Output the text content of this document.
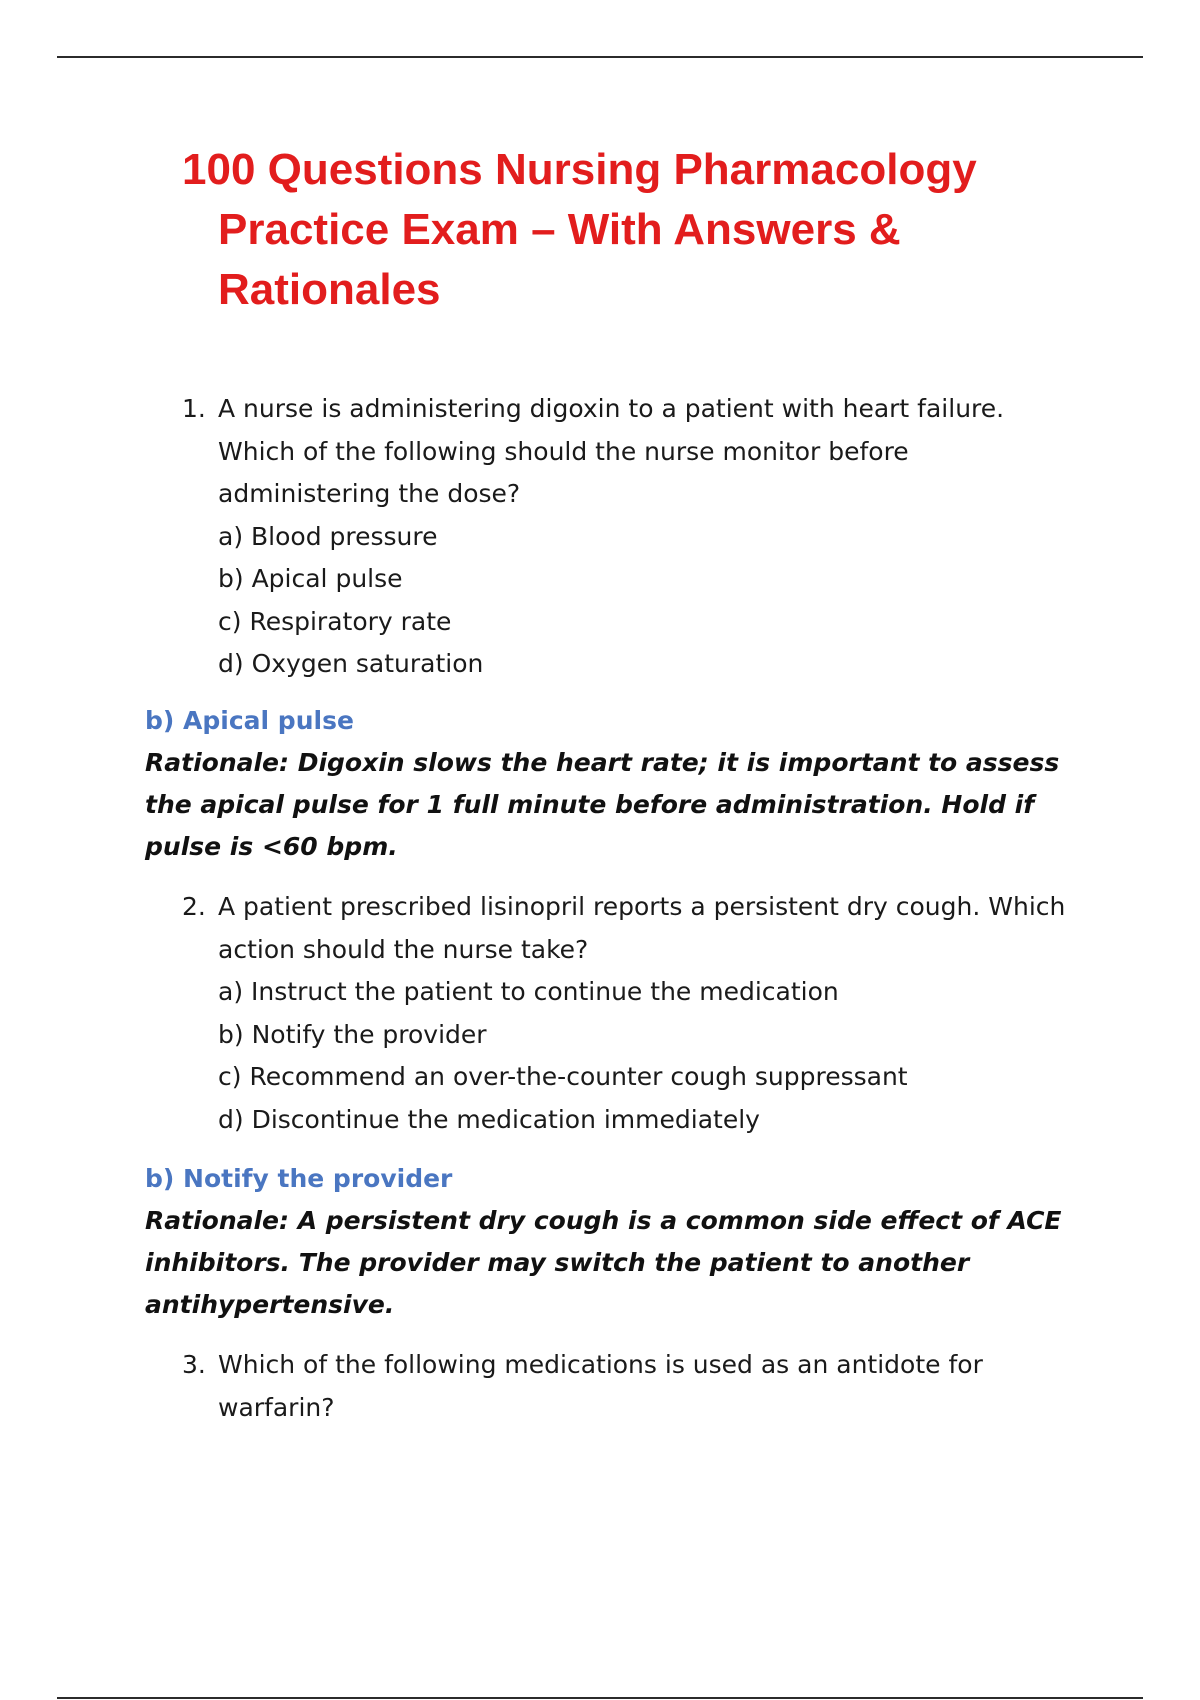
100 Questions Nursing Pharmacology Practice Exam – With Answers & Rationales
1. A nurse is administering digoxin to a patient with heart failure. Which of the following should the nurse monitor before administering the dose?
a) Blood pressure
b) Apical pulse
c) Respiratory rate
d) Oxygen saturation
b) Apical pulse
Rationale: Digoxin slows the heart rate; it is important to assess the apical pulse for 1 full minute before administration. Hold if pulse is <60 bpm.
2. A patient prescribed lisinopril reports a persistent dry cough. Which action should the nurse take?
a) Instruct the patient to continue the medication
b) Notify the provider
c) Recommend an over-the-counter cough suppressant
d) Discontinue the medication immediately
b) Notify the provider
Rationale: A persistent dry cough is a common side effect of ACE inhibitors. The provider may switch the patient to another antihypertensive.
3. Which of the following medications is used as an antidote for warfarin?
